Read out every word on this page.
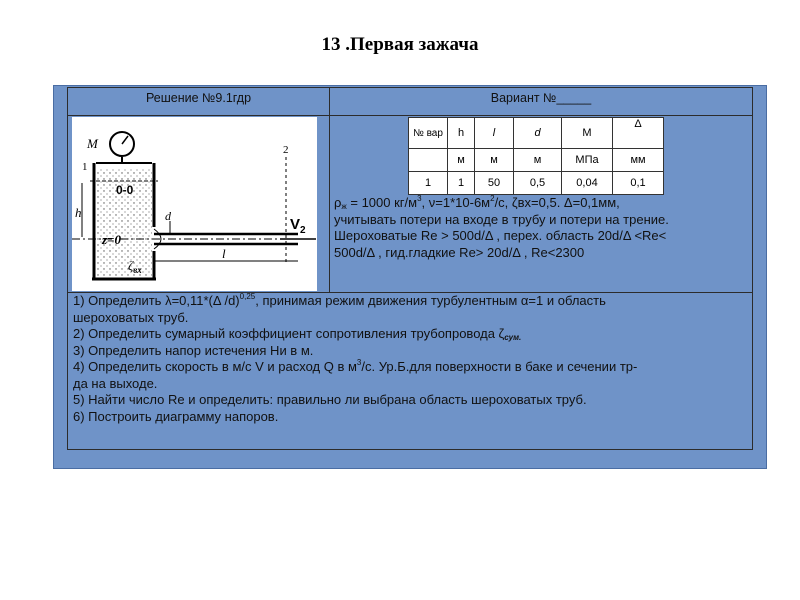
13 .Первая зажача
Решение №9.1гдр	Вариант №_____
M
0-0
1
h
z=0
d
$\zeta_{вх}$
l
2
$V_2$
№ вар	h	l	d	M	Δ
	м	м	м	МПа	мм
1	1	50	0,5	0,04	0,1
$\rho_ж = 1000$ $кг/м^3$, $\nu=1*10-6м^2/с$, ζвх=0,5. Δ=0,1мм,
учитывать потери на входе в трубу и потери на трение.
Шероховатые Re > 500d/Δ , перех. область 20d/Δ <Re<
500d/Δ , гид.гладкие Re> 20d/Δ , Re<2300
1) Определить λ=0,11*(Δ /d)$^{0,25}$, принимая режим движения турбулентным α=1 и область
шероховатых труб.
2) Определить сумарный коэффициент сопротивления трубопровода $\zeta_{сум.}$
3) Определить напор истечения Hи в м.
4) Определить скорость в м/с V и расход Q в $м^3/с$. Ур.Б.для поверхности в баке и сечении тр-
да на выходе.
5) Найти число Re и определить: правильно ли выбрана область шероховатых труб.
6) Построить диаграмму напоров.
